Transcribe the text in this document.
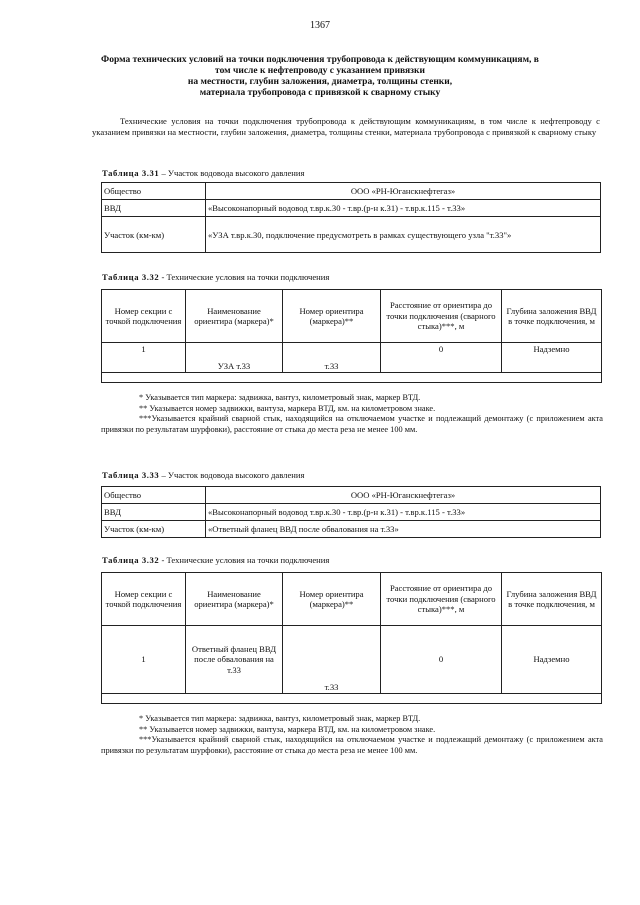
1367
Форма технических условий на точки подключения трубопровода к действующим коммуникациям, в
том числе к нефтепроводу с указанием привязки
на местности, глубин заложения, диаметра, толщины стенки,
материала трубопровода с привязкой к сварному стыку
Технические условия на точки подключения трубопровода к действующим коммуникациям, в том числе к нефтепроводу с указанием привязки на местности, глубин заложения, диаметра, толщины стенки, материала трубопровода с привязкой к сварному стыку
Таблица 3.31 – Участок водовода высокого давления
Общество	ООО «РН-Юганскнефтегаз»
ВВД	«Высоконапорный водовод т.вр.к.30 - т.вр.(р-н к.31) - т.вр.к.115 - т.33»
Участок (км-км)	«УЗА т.вр.к.30, подключение предусмотреть в рамках существующего узла "т.33"»
Таблица 3.32 - Технические условия на точки подключения
Номер секции с точкой подключения	Наименование ориентира (маркера)*	Номер ориентира (маркера)**	Расстояние от ориентира до точки подключения (сварного стыка)***, м	Глубина заложения ВВД в точке подключения, м
1	УЗА т.33	т.33	0	Надземно

* Указывается тип маркера: задвижка, вантуз, километровый знак, маркер ВТД.
** Указывается номер задвижки, вантуза, маркера ВТД, км. на километровом знаке.
***Указывается крайний сварной стык, находящийся на отключаемом участке и подлежащий демонтажу (с приложением акта привязки по результатам шурфовки), расстояние от стыка до места реза не менее 100 мм.
Таблица 3.33 – Участок водовода высокого давления
Общество	ООО «РН-Юганскнефтегаз»
ВВД	«Высоконапорный водовод т.вр.к.30 - т.вр.(р-н к.31) - т.вр.к.115 - т.33»
Участок (км-км)	«Ответный фланец ВВД после обвалования на т.33»
Таблица 3.32 - Технические условия на точки подключения
Номер секции с точкой подключения	Наименование ориентира (маркера)*	Номер ориентира (маркера)**	Расстояние от ориентира до точки подключения (сварного стыка)***, м	Глубина заложения ВВД в точке подключения, м
1	Ответный фланец ВВД после обвалования на т.33	т.33	0	Надземно

* Указывается тип маркера: задвижка, вантуз, километровый знак, маркер ВТД.
** Указывается номер задвижки, вантуза, маркера ВТД, км. на километровом знаке.
***Указывается крайний сварной стык, находящийся на отключаемом участке и подлежащий демонтажу (с приложением акта привязки по результатам шурфовки), расстояние от стыка до места реза не менее 100 мм.
